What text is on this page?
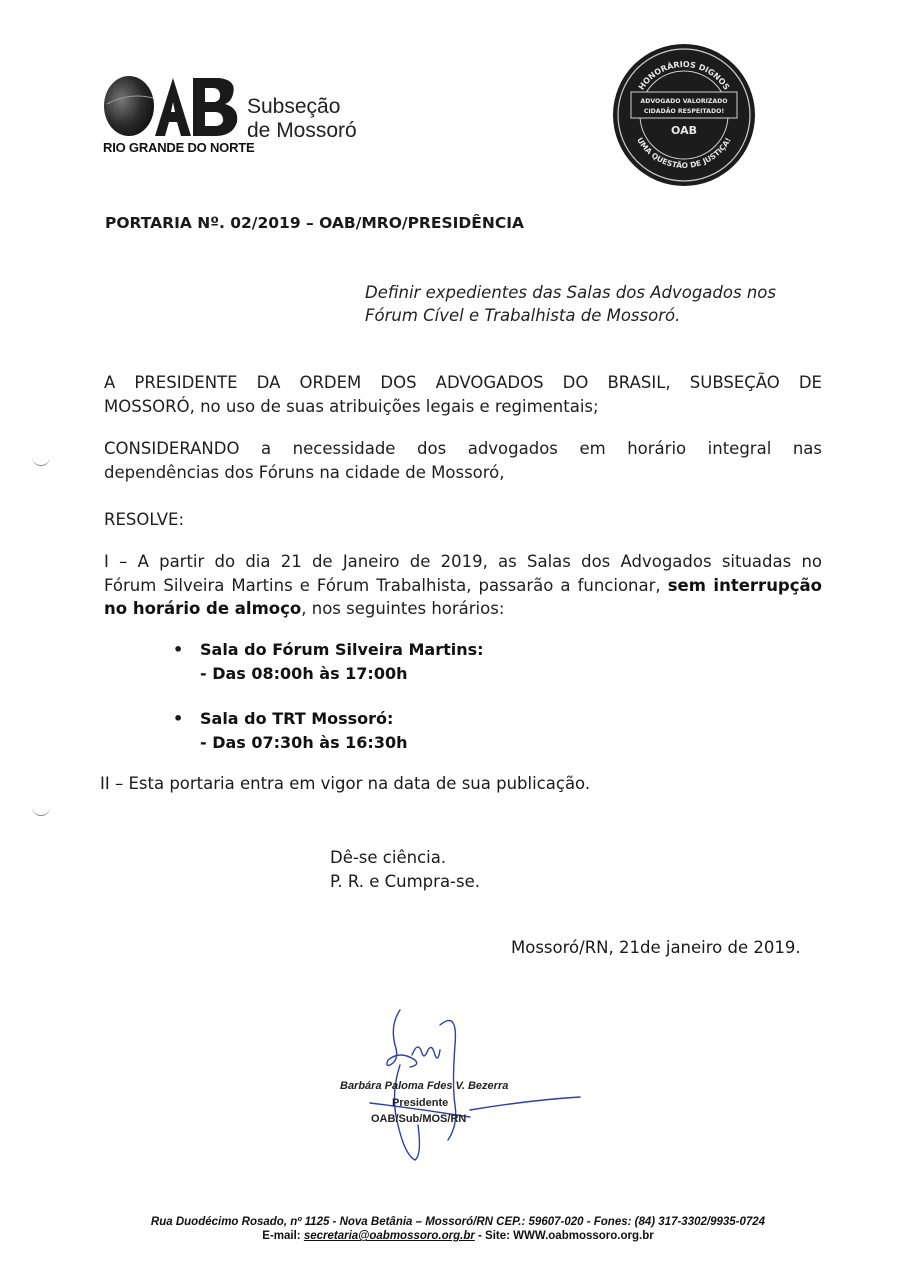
RIO GRANDE DO NORTE
Subseção
de Mossoró
HONORÁRIOS DIGNOS
ADVOGADO VALORIZADO
CIDADÃO RESPEITADO!
OAB
UMA QUESTÃO DE JUSTIÇA!
PORTARIA Nº. 02/2019 – OAB/MRO/PRESIDÊNCIA
Definir expedientes das Salas dos Advogados nos
Fórum Cível e Trabalhista de Mossoró.
A PRESIDENTE DA ORDEM DOS ADVOGADOS DO BRASIL, SUBSEÇÃO DE
MOSSORÓ, no uso de suas atribuições legais e regimentais;
CONSIDERANDO a necessidade dos advogados em horário integral nas
dependências dos Fóruns na cidade de Mossoró,
RESOLVE:
I – A partir do dia 21 de Janeiro de 2019, as Salas dos Advogados situadas no
Fórum Silveira Martins e Fórum Trabalhista, passarão a funcionar, sem interrupção
no horário de almoço, nos seguintes horários:
• Sala do Fórum Silveira Martins:
- Das 08:00h às 17:00h
• Sala do TRT Mossoró:
- Das 07:30h às 16:30h
II – Esta portaria entra em vigor na data de sua publicação.
Dê-se ciência.
P. R. e Cumpra-se.
Mossoró/RN, 21de janeiro de 2019.
Barbára Paloma Fdes V. Bezerra
Presidente
OAB/Sub/MOS/RN
Rua Duodécimo Rosado, nº 1125 - Nova Betânia – Mossoró/RN CEP.: 59607-020 - Fones: (84) 317-3302/9935-0724
E-mail: secretaria@oabmossoro.org.br - Site: WWW.oabmossoro.org.br
